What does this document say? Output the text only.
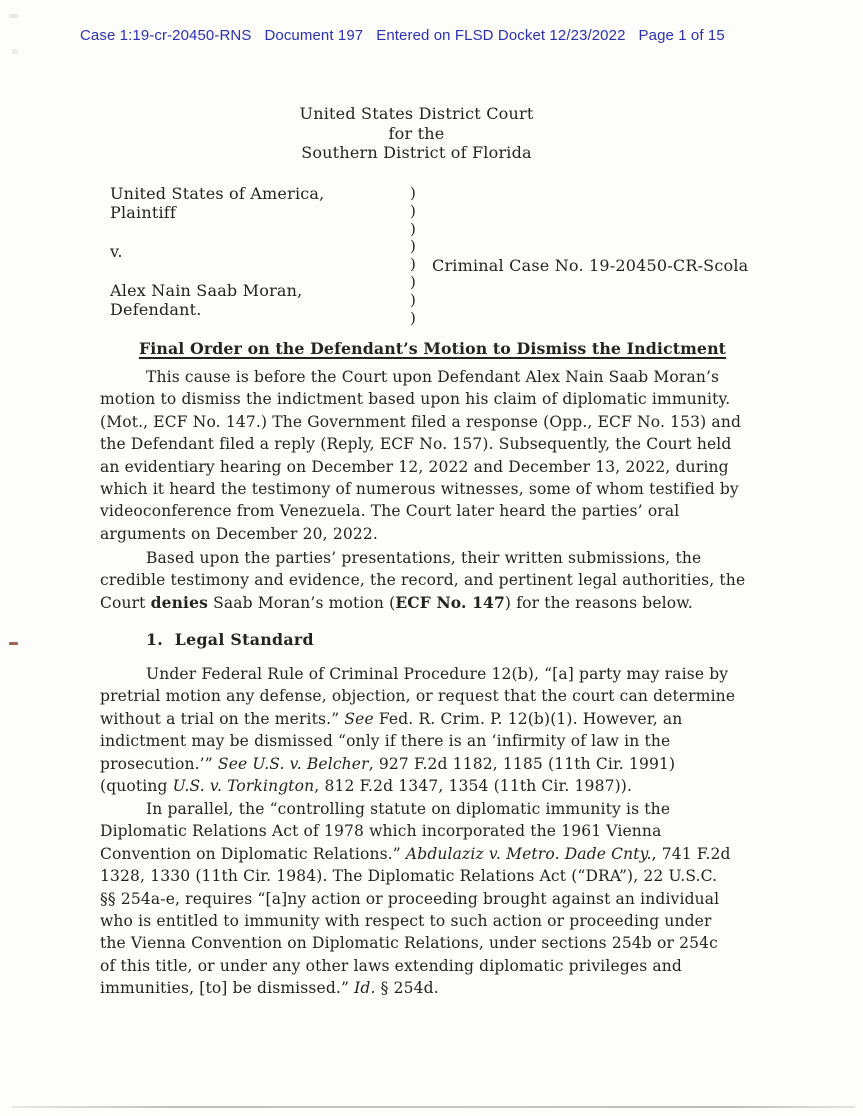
Case 1:19-cr-20450-RNS Document 197 Entered on FLSD Docket 12/23/2022 Page 1 of 15
United States District Court
for the
Southern District of Florida
United States of America,
Plaintiff

v.

Alex Nain Saab Moran,
Defendant.
)
)
)
)
)
)
)
)
Criminal Case No. 19-20450-CR-Scola
Final Order on the Defendant’s Motion to Dismiss the Indictment
This cause is before the Court upon Defendant Alex Nain Saab Moran’s
motion to dismiss the indictment based upon his claim of diplomatic immunity.
(Mot., ECF No. 147.) The Government filed a response (Opp., ECF No. 153) and
the Defendant filed a reply (Reply, ECF No. 157). Subsequently, the Court held
an evidentiary hearing on December 12, 2022 and December 13, 2022, during
which it heard the testimony of numerous witnesses, some of whom testified by
videoconference from Venezuela. The Court later heard the parties’ oral
arguments on December 20, 2022.
Based upon the parties’ presentations, their written submissions, the
credible testimony and evidence, the record, and pertinent legal authorities, the
Court denies Saab Moran’s motion (ECF No. 147) for the reasons below.
1.  Legal Standard
Under Federal Rule of Criminal Procedure 12(b), “[a] party may raise by
pretrial motion any defense, objection, or request that the court can determine
without a trial on the merits.” See Fed. R. Crim. P. 12(b)(1). However, an
indictment may be dismissed “only if there is an ‘infirmity of law in the
prosecution.’” See U.S. v. Belcher, 927 F.2d 1182, 1185 (11th Cir. 1991)
(quoting U.S. v. Torkington, 812 F.2d 1347, 1354 (11th Cir. 1987)).
In parallel, the “controlling statute on diplomatic immunity is the
Diplomatic Relations Act of 1978 which incorporated the 1961 Vienna
Convention on Diplomatic Relations.” Abdulaziz v. Metro. Dade Cnty., 741 F.2d
1328, 1330 (11th Cir. 1984). The Diplomatic Relations Act (“DRA”), 22 U.S.C.
§§ 254a-e, requires “[a]ny action or proceeding brought against an individual
who is entitled to immunity with respect to such action or proceeding under
the Vienna Convention on Diplomatic Relations, under sections 254b or 254c
of this title, or under any other laws extending diplomatic privileges and
immunities, [to] be dismissed.” Id. § 254d.
